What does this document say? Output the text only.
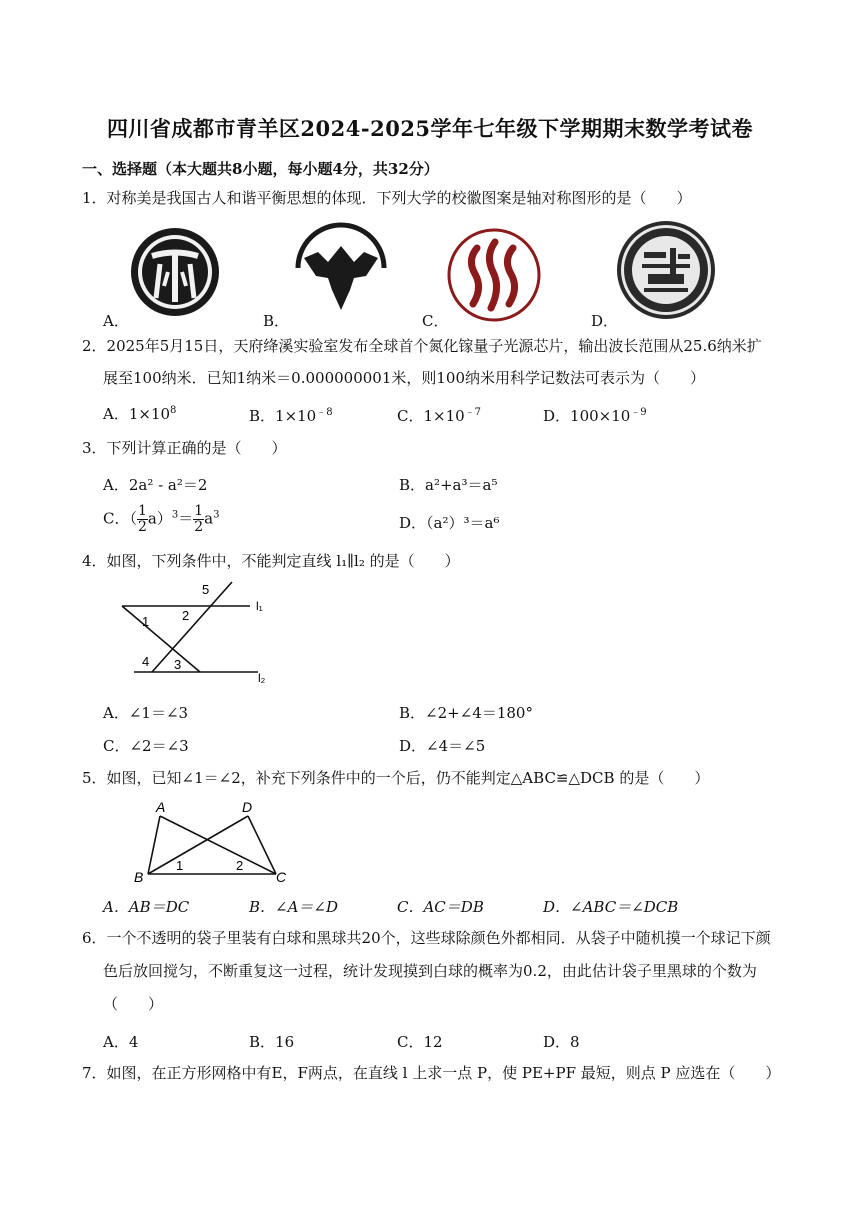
四川省成都市青羊区2024-2025学年七年级下学期期末数学考试卷
一、选择题（本大题共8小题，每小题4分，共32分）
1．对称美是我国古人和谐平衡思想的体现．下列大学的校徽图案是轴对称图形的是（　　）
A．	B．	C．	D．
2．2025年5月15日，天府绛溪实验室发布全球首个氮化镓量子光源芯片，输出波长范围从25.6纳米扩
展至100纳米．已知1纳米＝0.000000001米，则100纳米用科学记数法可表示为（　　）
A．$1\times 10^8$	B．$1\times 10^{﹣8}$	C．$1\times 10^{﹣7}$	D．$100\times 10^{﹣9}$
3．下列计算正确的是（　　）
A．2a² - a²＝2	B．a²+a³＝a⁵
C．（ $\frac{1}{2} a)^3= \frac{1}{2} a^3$	D．（a²）³＝a⁶
4．如图，下列条件中，不能判定直线 l₁∥l₂ 的是（　　）
1	2
3
4
5
l₁
l₂
A．∠1＝∠3	B．∠2+∠4＝180°
C．∠2＝∠3	D．∠4＝∠5
5．如图，已知∠1＝∠2，补充下列条件中的一个后，仍不能判定△ABC≌△DCB 的是（　　）
A	D
B	C
1	2
A．AB＝DC	B．∠A＝∠D	C．AC＝DB	D．∠ABC＝∠DCB
6．一个不透明的袋子里装有白球和黑球共20个，这些球除颜色外都相同．从袋子中随机摸一个球记下颜
色后放回搅匀，不断重复这一过程，统计发现摸到白球的概率为0.2，由此估计袋子里黑球的个数为
（　　）
A．4	B．16	C．12	D．8
7．如图，在正方形网格中有E，F两点，在直线 l 上求一点 P，使 PE+PF 最短，则点 P 应选在（　　）
